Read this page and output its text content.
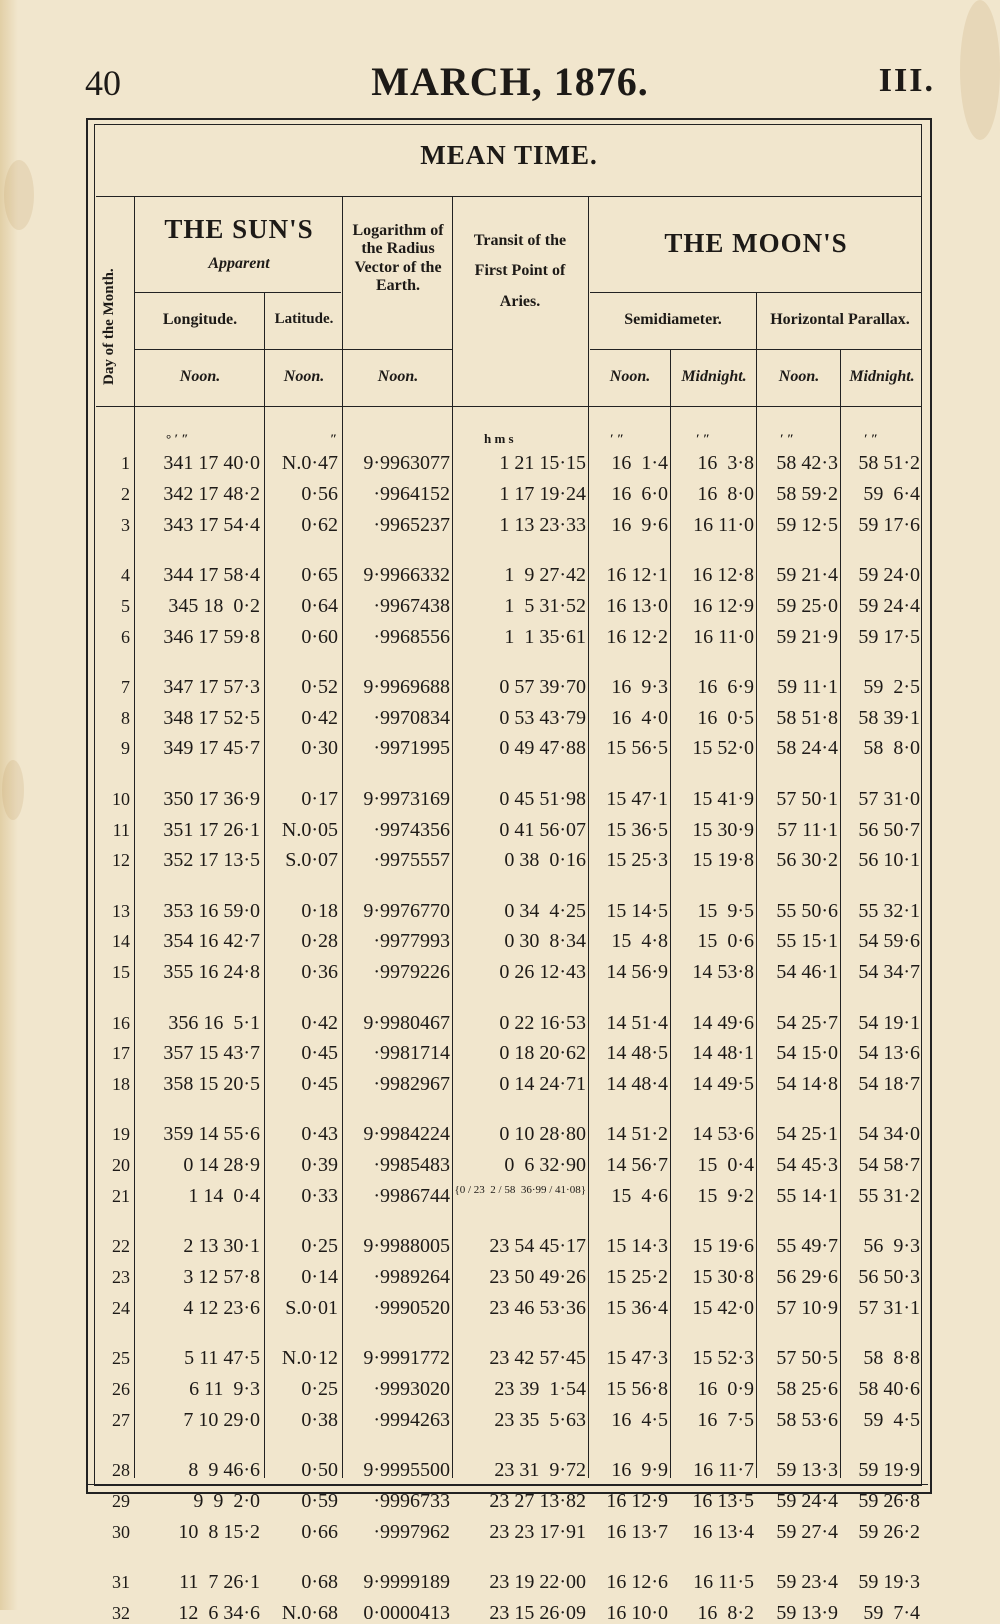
40	MARCH, 1876.	III.
MEAN TIME.
Day of the Month.
THE SUN'S
Apparent
Longitude.	Latitude.
Logarithm of the Radius Vector of the Earth.
Transit of the First Point of Aries.
THE MOON'S
Semidiameter.	Horizontal Parallax.
Noon.	Noon.	Noon.	Noon.	Midnight.	Noon.	Midnight.
° ′ ″	″	h m s	′ ″	′ ″	′ ″	′ ″
1	341 17 40·0	N.0·47	9·9963077	1 21 15·15	16  1·4	16  3·8	58 42·3	58 51·2
2	342 17 48·2	0·56	·9964152	1 17 19·24	16  6·0	16  8·0	58 59·2	59  6·4
3	343 17 54·4	0·62	·9965237	1 13 23·33	16  9·6	16 11·0	59 12·5	59 17·6
4	344 17 58·4	0·65	9·9966332	1  9 27·42	16 12·1	16 12·8	59 21·4	59 24·0
5	345 18  0·2	0·64	·9967438	1  5 31·52	16 13·0	16 12·9	59 25·0	59 24·4
6	346 17 59·8	0·60	·9968556	1  1 35·61	16 12·2	16 11·0	59 21·9	59 17·5
7	347 17 57·3	0·52	9·9969688	0 57 39·70	16  9·3	16  6·9	59 11·1	59  2·5
8	348 17 52·5	0·42	·9970834	0 53 43·79	16  4·0	16  0·5	58 51·8	58 39·1
9	349 17 45·7	0·30	·9971995	0 49 47·88	15 56·5	15 52·0	58 24·4	58  8·0
10	350 17 36·9	0·17	9·9973169	0 45 51·98	15 47·1	15 41·9	57 50·1	57 31·0
11	351 17 26·1	N.0·05	·9974356	0 41 56·07	15 36·5	15 30·9	57 11·1	56 50·7
12	352 17 13·5	S.0·07	·9975557	0 38  0·16	15 25·3	15 19·8	56 30·2	56 10·1
13	353 16 59·0	0·18	9·9976770	0 34  4·25	15 14·5	15  9·5	55 50·6	55 32·1
14	354 16 42·7	0·28	·9977993	0 30  8·34	15  4·8	15  0·6	55 15·1	54 59·6
15	355 16 24·8	0·36	·9979226	0 26 12·43	14 56·9	14 53·8	54 46·1	54 34·7
16	356 16  5·1	0·42	9·9980467	0 22 16·53	14 51·4	14 49·6	54 25·7	54 19·1
17	357 15 43·7	0·45	·9981714	0 18 20·62	14 48·5	14 48·1	54 15·0	54 13·6
18	358 15 20·5	0·45	·9982967	0 14 24·71	14 48·4	14 49·5	54 14·8	54 18·7
19	359 14 55·6	0·43	9·9984224	0 10 28·80	14 51·2	14 53·6	54 25·1	54 34·0
20	0 14 28·9	0·39	·9985483	0  6 32·90	14 56·7	15  0·4	54 45·3	54 58·7
21	1 14  0·4	0·33	·9986744 {0 / 23  2 / 58  36·99 / 41·08}	15  4·6	15  9·2	55 14·1	55 31·2
22	2 13 30·1	0·25	9·9988005	23 54 45·17	15 14·3	15 19·6	55 49·7	56  9·3
23	3 12 57·8	0·14	·9989264	23 50 49·26	15 25·2	15 30·8	56 29·6	56 50·3
24	4 12 23·6	S.0·01	·9990520	23 46 53·36	15 36·4	15 42·0	57 10·9	57 31·1
25	5 11 47·5	N.0·12	9·9991772	23 42 57·45	15 47·3	15 52·3	57 50·5	58  8·8
26	6 11  9·3	0·25	·9993020	23 39  1·54	15 56·8	16  0·9	58 25·6	58 40·6
27	7 10 29·0	0·38	·9994263	23 35  5·63	16  4·5	16  7·5	58 53·6	59  4·5
28	8  9 46·6	0·50	9·9995500	23 31  9·72	16  9·9	16 11·7	59 13·3	59 19·9
29	9  9  2·0	0·59	·9996733	23 27 13·82	16 12·9	16 13·5	59 24·4	59 26·8
30	10  8 15·2	0·66	·9997962	23 23 17·91	16 13·7	16 13·4	59 27·4	59 26·2
31	11  7 26·1	0·68	9·9999189	23 19 22·00	16 12·6	16 11·5	59 23·4	59 19·3
32	12  6 34·6	N.0·68	0·0000413	23 15 26·09	16 10·0	16  8·2	59 13·9	59  7·4
